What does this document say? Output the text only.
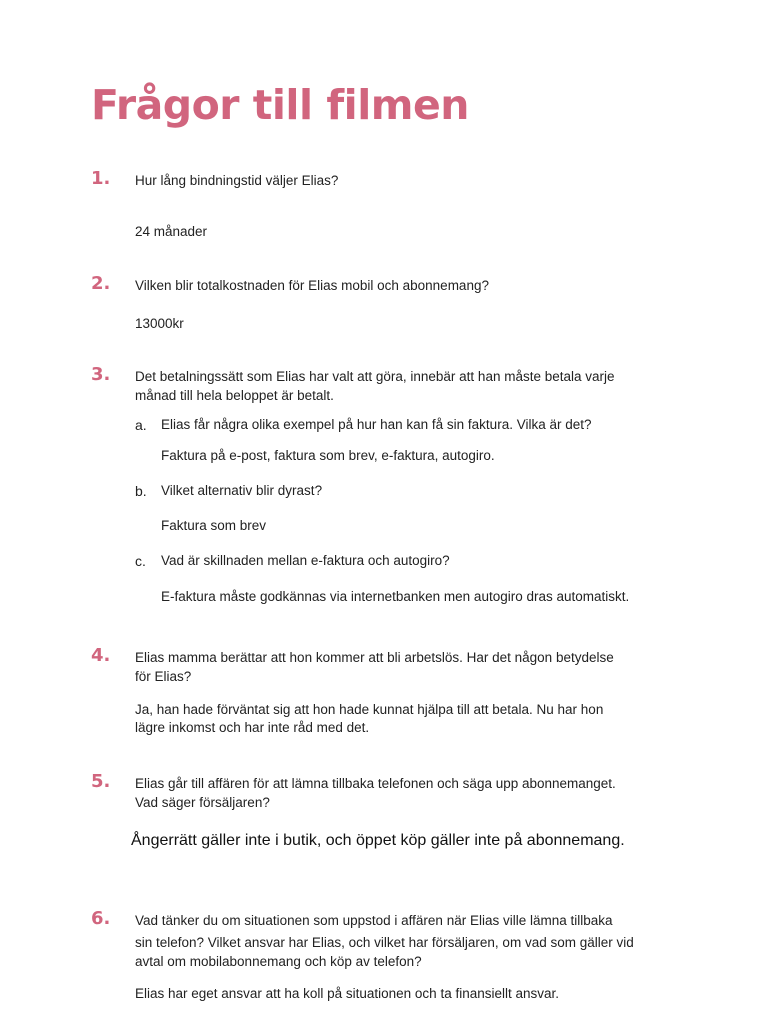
Frågor till filmen
1. Hur lång bindningstid väljer Elias?
24 månader
2. Vilken blir totalkostnaden för Elias mobil och abonnemang?
13000kr
3. Det betalningssätt som Elias har valt att göra, innebär att han måste betala varje
månad till hela beloppet är betalt.
a. Elias får några olika exempel på hur han kan få sin faktura. Vilka är det?
Faktura på e-post, faktura som brev, e-faktura, autogiro.
b. Vilket alternativ blir dyrast?
Faktura som brev
c. Vad är skillnaden mellan e-faktura och autogiro?
E-faktura måste godkännas via internetbanken men autogiro dras automatiskt.
4. Elias mamma berättar att hon kommer att bli arbetslös. Har det någon betydelse
för Elias?
Ja, han hade förväntat sig att hon hade kunnat hjälpa till att betala. Nu har hon
lägre inkomst och har inte råd med det.
5. Elias går till affären för att lämna tillbaka telefonen och säga upp abonnemanget.
Vad säger försäljaren?
Ångerrätt gäller inte i butik, och öppet köp gäller inte på abonnemang.
6. Vad tänker du om situationen som uppstod i affären när Elias ville lämna tillbaka
sin telefon? Vilket ansvar har Elias, och vilket har försäljaren, om vad som gäller vid
avtal om mobilabonnemang och köp av telefon?
Elias har eget ansvar att ha koll på situationen och ta finansiellt ansvar.
